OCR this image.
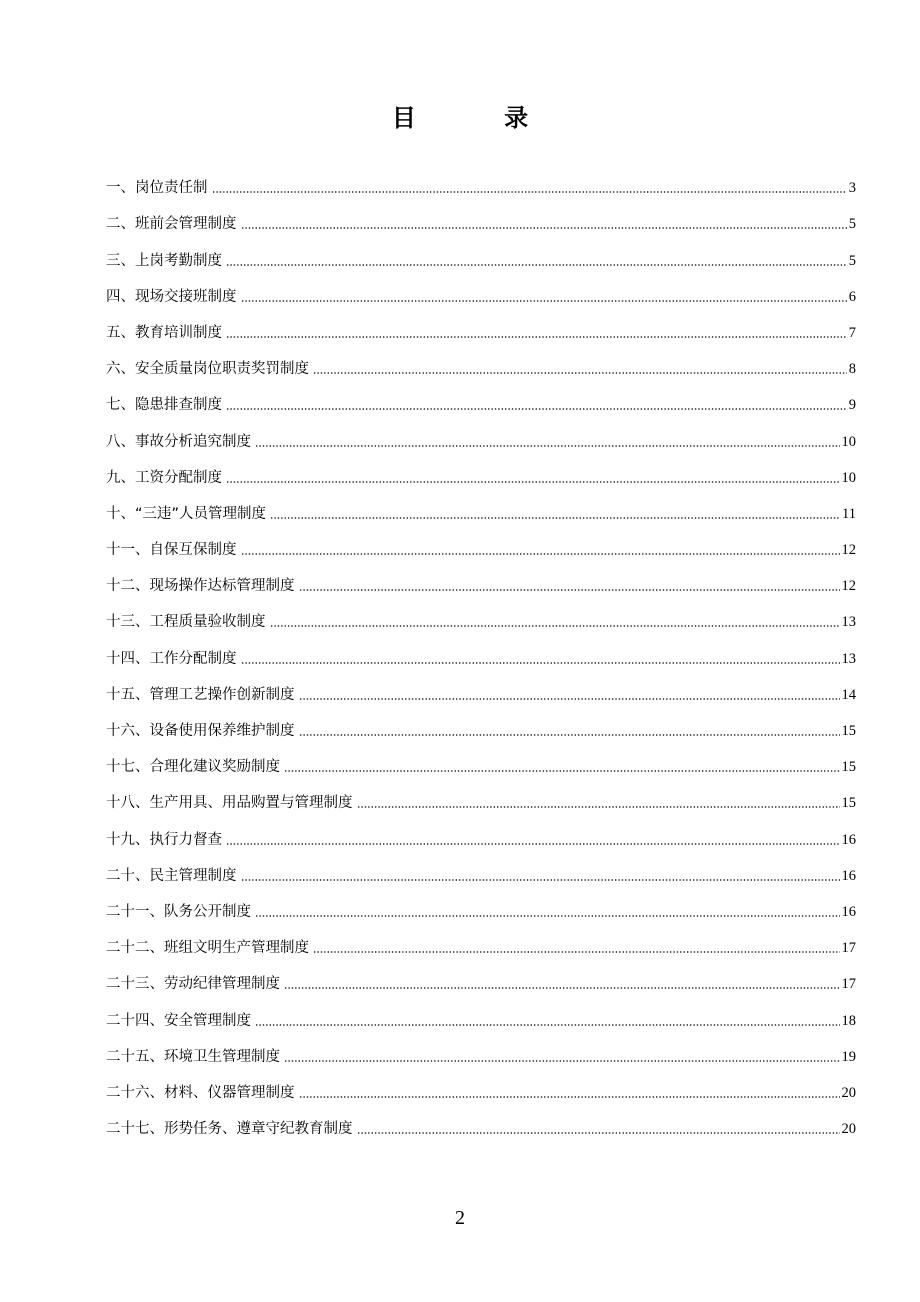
目 录
一、岗位责任制	3
二、班前会管理制度	5
三、上岗考勤制度	5
四、现场交接班制度	6
五、教育培训制度	7
六、安全质量岗位职责奖罚制度	8
七、隐患排查制度	9
八、事故分析追究制度	10
九、工资分配制度	10
十、“三违”人员管理制度	11
十一、自保互保制度	12
十二、现场操作达标管理制度	12
十三、工程质量验收制度	13
十四、工作分配制度	13
十五、管理工艺操作创新制度	14
十六、设备使用保养维护制度	15
十七、合理化建议奖励制度	15
十八、生产用具、用品购置与管理制度	15
十九、执行力督查	16
二十、民主管理制度	16
二十一、队务公开制度	16
二十二、班组文明生产管理制度	17
二十三、劳动纪律管理制度	17
二十四、安全管理制度	18
二十五、环境卫生管理制度	19
二十六、材料、仪器管理制度	20
二十七、形势任务、遵章守纪教育制度	20

2
